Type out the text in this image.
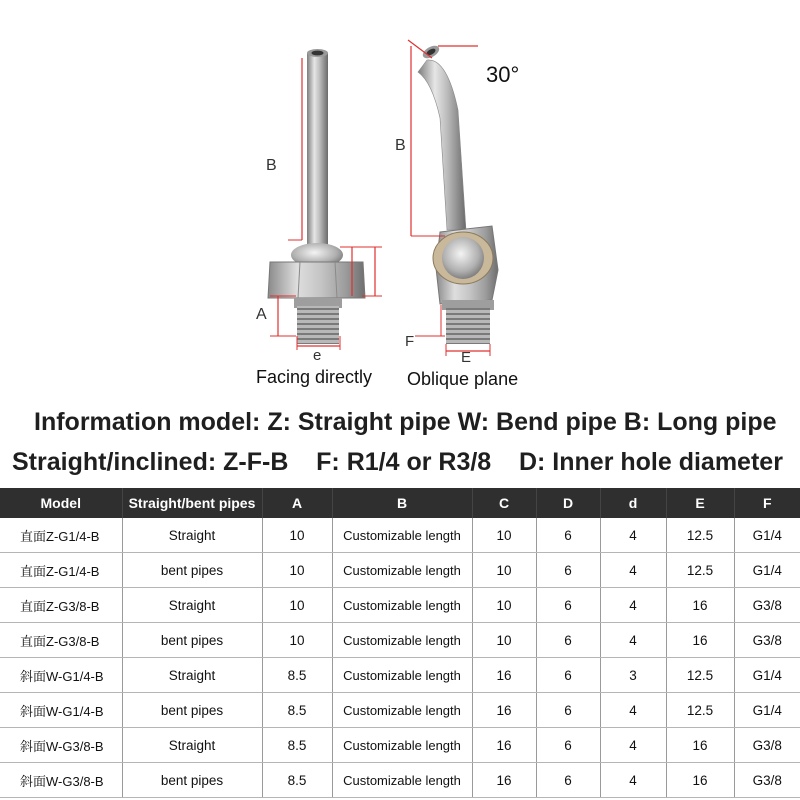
B
A
e
30°
B
F
E
Facing directly Oblique plane
Information model: Z: Straight pipe W: Bend pipe B: Long pipe
Straight/inclined: Z-F-B    F: R1/4 or R3/8    D: Inner hole diameter
Model	Straight/bent pipes	A	B	C	D	d	E	F
直面Z-G1/4-B	Straight	10	Customizable length	10	6	4	12.5	G1/4
直面Z-G1/4-B	bent pipes	10	Customizable length	10	6	4	12.5	G1/4
直面Z-G3/8-B	Straight	10	Customizable length	10	6	4	16	G3/8
直面Z-G3/8-B	bent pipes	10	Customizable length	10	6	4	16	G3/8
斜面W-G1/4-B	Straight	8.5	Customizable length	16	6	3	12.5	G1/4
斜面W-G1/4-B	bent pipes	8.5	Customizable length	16	6	4	12.5	G1/4
斜面W-G3/8-B	Straight	8.5	Customizable length	16	6	4	16	G3/8
斜面W-G3/8-B	bent pipes	8.5	Customizable length	16	6	4	16	G3/8
